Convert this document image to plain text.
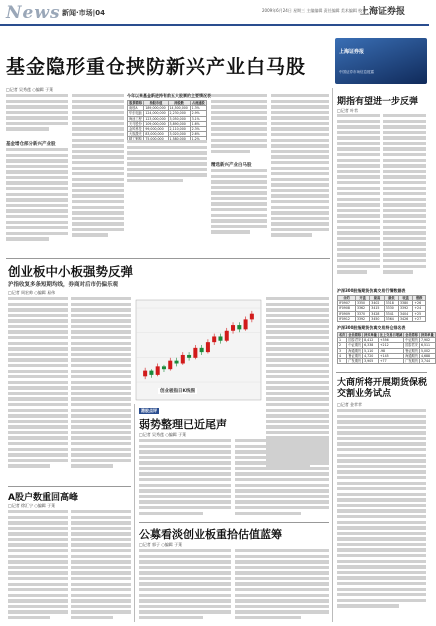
News 新闻·市场|04	2009年6月24日 星期三 主编编辑 责任编辑 美术编辑 校对
上海证券报
基金隐形重仓挟防新兴产业白马股
上海证券报
中国证券市场信息披露
□记者 吴秀莲 ○编辑 于莱
基金增仓部分新兴产业股
今年以来基金新进持有前五大股票的主要情况表
股票简称	持股市值	持股数	占流通股
南玻A	189,000,000	14,500,000	1.3%
华东电脑	124,000,000	2,230,000	2.9%
海油工程	123,000,000	3,050,000	3.1%
天马股份	109,000,000	3,890,000	1.6%
金风科技	99,000,000	2,110,000	2.3%
大族激光	83,000,000	3,020,000	2.6%

精选新兴产业白马股
期指有望进一步反弹
□记者 叶苇
沪深300股指期货仿真交易行情数据表
合约	开盘	最高	最低	收盘	涨跌
IF0907	3350	3402	3318	3380	+26
IF0908	3362	3415	3330	3392	+24
IF0909	3370	3428	3341	3404	+25
IF0912	3392	3450	3364	3426	+27
沪深300股指期货仿真交易持仓排名表
名次	会员简称	持买单量	比上交易日增减	会员简称	持卖单量
1	国泰君安	8,412	+356	中证期货	7,902
2	中证期货	6,338	+212	国泰君安	6,511
3	海通期货	5,110	-98	鲁证期货	5,002
4	鲁证期货	4,720	+145	海通期货	4,688
5	广发期货	3,905	+77	广发期货	3,744
大商所将开展期货保税交割业务试点
□记者 金苹苹
创业板中小板强势反弹
沪指收复多条短期均线，券商对后市仍偏乐观
□记者 周宏帅 ○编辑 易伟
创业板指日K线图
A股户数重回高峰
□记者 徐汇宁 ○编辑 于莱
港股点评
弱势整理已近尾声
□记者 吴秀莲 ○编辑 于莱
公募看淡创业板重拾估值蓝筹
□记者 郭子 ○编辑 于莱
